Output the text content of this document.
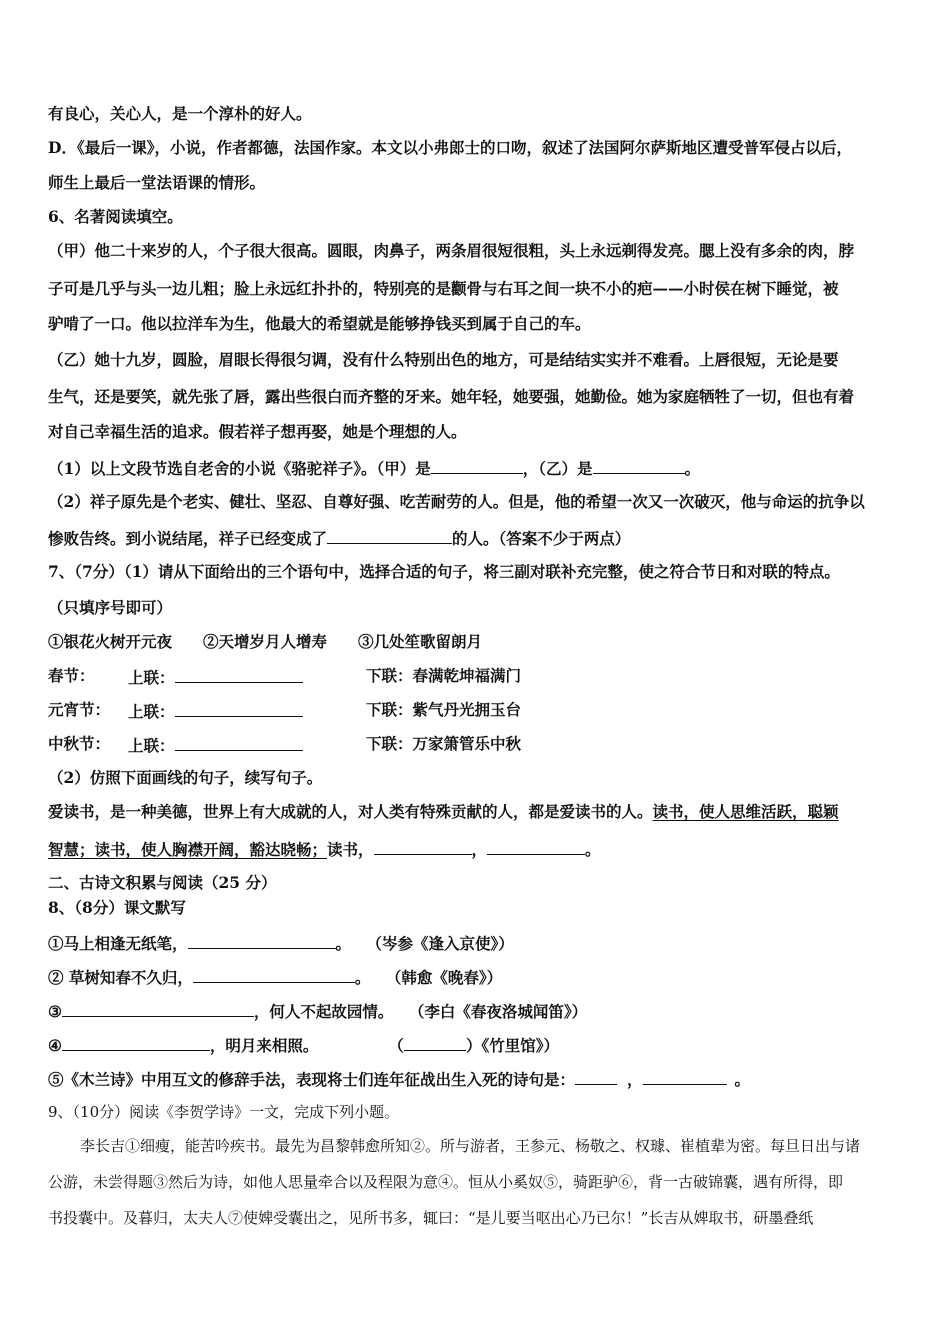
有良心，关心人，是一个淳朴的好人。
D．《最后一课》，小说，作者都德，法国作家。本文以小弗郎士的口吻，叙述了法国阿尔萨斯地区遭受普军侵占以后，
师生上最后一堂法语课的情形。
6、名著阅读填空。
（甲）他二十来岁的人，个子很大很高。圆眼，肉鼻子，两条眉很短很粗，头上永远剃得发亮。腮上没有多余的肉，脖
子可是几乎与头一边儿粗；脸上永远红扑扑的，特别亮的是颧骨与右耳之间一块不小的疤——小时侯在树下睡觉，被
驴啃了一口。他以拉洋车为生，他最大的希望就是能够挣钱买到属于自己的车。
（乙）她十九岁，圆脸，眉眼长得很匀调，没有什么特别出色的地方，可是结结实实并不难看。上唇很短，无论是要
生气，还是要笑，就先张了唇，露出些很白而齐整的牙来。她年轻，她要强，她勤俭。她为家庭牺牲了一切，但也有着
对自己幸福生活的追求。假若祥子想再娶，她是个理想的人。
（1）以上文段节选自老舍的小说《骆驼祥子》。（甲）是	，（乙）是	。
（2）祥子原先是个老实、健壮、坚忍、自尊好强、吃苦耐劳的人。但是，他的希望一次又一次破灭，他与命运的抗争以
惨败告终。到小说结尾，祥子已经变成了	的人。（答案不少于两点）
7、（7分）（1）请从下面给出的三个语句中，选择合适的句子，将三副对联补充完整，使之符合节日和对联的特点。
（只填序号即可）
①银花火树开元夜　　②天增岁月人增寿　　③几处笙歌留朗月
春节： 上联：	下联：春满乾坤福满门
元宵节： 上联：	下联：紫气丹光拥玉台
中秋节： 上联：	下联：万家箫管乐中秋
（2）仿照下面画线的句子，续写句子。
爱读书，是一种美德，世界上有大成就的人，对人类有特殊贡献的人，都是爱读书的人。读书，使人思维活跃，聪颖
智慧；读书，使人胸襟开阔，豁达晓畅；读书，	，	。
二、古诗文积累与阅读（25 分）
8、（8分）课文默写
①马上相逢无纸笔，	。　　（岑参《逢入京使》）
② 草树知春不久归，	。　　（韩愈《晚春》）
③	，何人不起故园情。　　（李白《春夜洛城闻笛》）
④	，明月来相照。	（	）《竹里馆》）
⑤《木兰诗》中用互文的修辞手法，表现将士们连年征战出生入死的诗句是：	，	。
9、（10分）阅读《李贺学诗》一文，完成下列小题。
李长吉①细瘦，能苦吟疾书。最先为昌黎韩愈所知②。所与游者，王参元、杨敬之、权璩、崔植辈为密。每旦日出与诸
公游，未尝得题③然后为诗，如他人思量牵合以及程限为意④。恒从小奚奴⑤，骑距驴⑥，背一古破锦囊，遇有所得，即
书投囊中。及暮归，太夫人⑦使婢受囊出之，见所书多，辄曰：“是儿要当呕出心乃已尔！”长吉从婢取书，研墨叠纸
